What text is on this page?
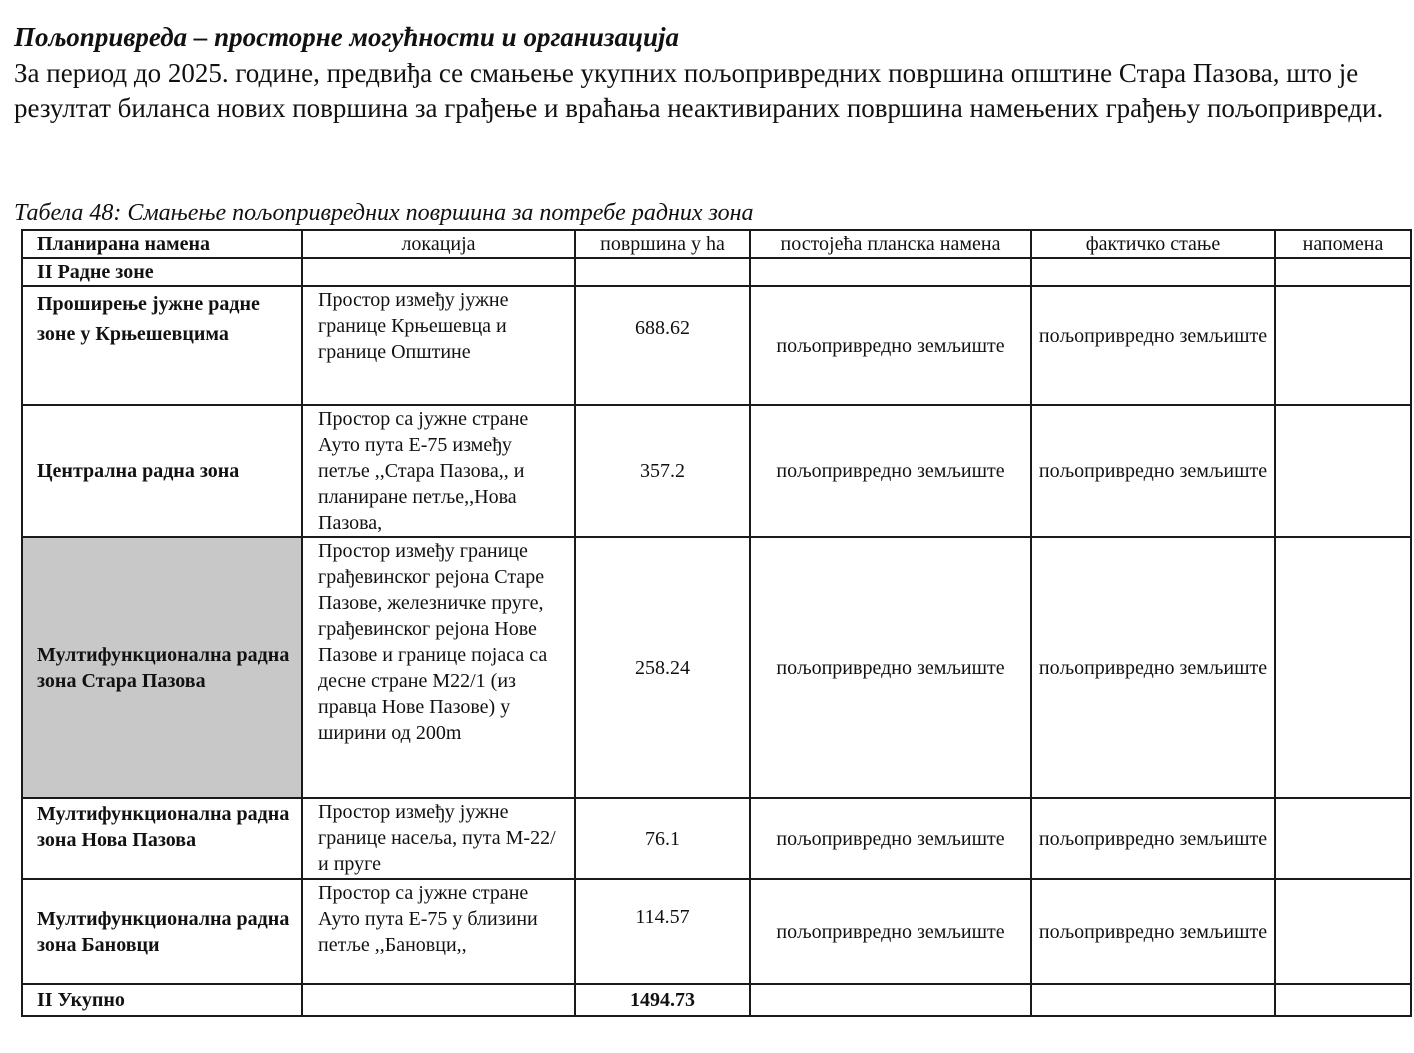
Пољопривреда – просторне могућности и организација
За период до 2025. године, предвиђа се смањење укупних пољопривредних површина општине Стара Пазова, што је резултат биланса нових површина за грађење и враћања неактивираних површина намењених грађењу пољопривреди.
Табела 48: Смањење пољопривредних површина за потребе радних зона
Планирана намена	локација	површина у ha	постојећа планска намена	фактичко стање	напомена
II Радне зоне					
Проширење јужне радне зоне у Крњешевцима	Простор између јужне границе Крњешевца и границе Општине	688.62	пољопривредно земљиште	пољопривредно земљиште	
Централна радна зона	Простор са јужне стране Ауто пута Е-75 између петље ,,Стара Пазова,, и планиране петље,,Нова Пазова,	357.2	пољопривредно земљиште	пољопривредно земљиште	
Мултифункционална радна зона Стара Пазова	Простор између границе грађевинског рејона Старе Пазове, железничке пруге, грађевинског рејона Нове Пазове и границе појаса са десне стране М22/1 (из правца Нове Пазове) у ширини од 200m	258.24	пољопривредно земљиште	пољопривредно земљиште	
Мултифункционална радна зона Нова Пазова	Простор између јужне границе насеља, пута М-22/ и пруге	76.1	пољопривредно земљиште	пољопривредно земљиште	
Мултифункционална радна зона Бановци	Простор са јужне стране Ауто пута Е-75 у близини петље ,,Бановци,,	114.57	пољопривредно земљиште	пољопривредно земљиште	
II Укупно		1494.73			
